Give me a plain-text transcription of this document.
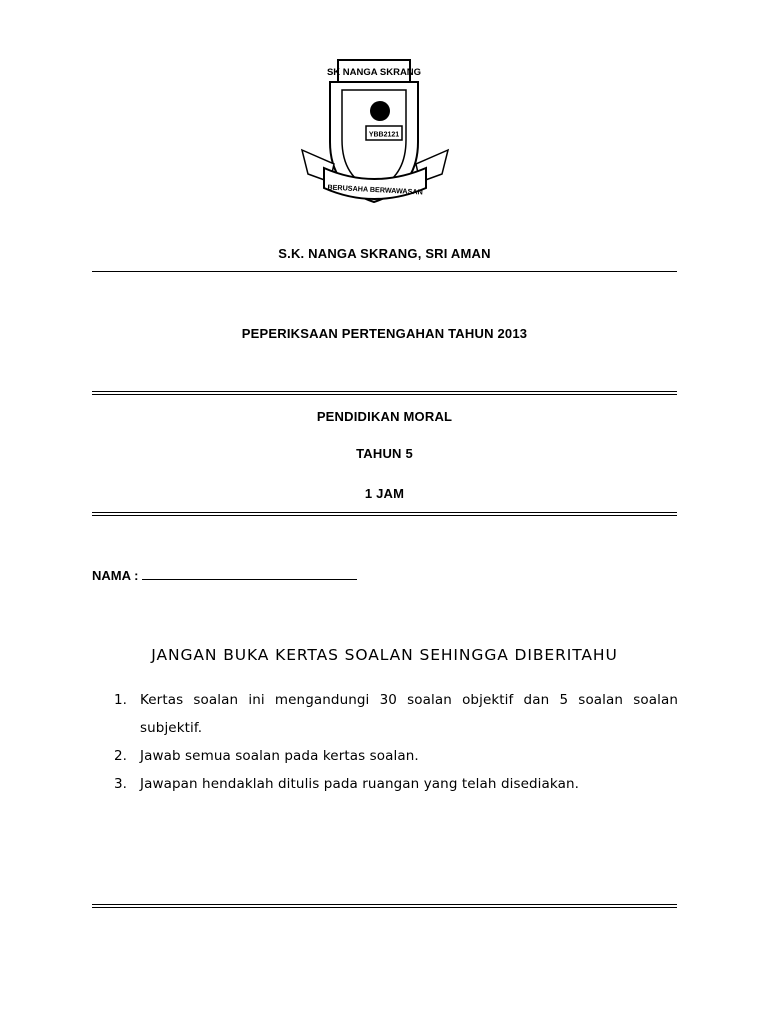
SK NANGA SKRANG
YBB2121
BERUSAHA BERWAWASAN
S.K. NANGA SKRANG, SRI AMAN
PEPERIKSAAN PERTENGAHAN TAHUN 2013
PENDIDIKAN MORAL
TAHUN 5
1 JAM
NAMA :
JANGAN BUKA KERTAS SOALAN SEHINGGA DIBERITAHU
1. Kertas soalan ini mengandungi 30 soalan objektif dan 5 soalan soalan subjektif.
2. Jawab semua soalan pada kertas soalan.
3. Jawapan hendaklah ditulis pada ruangan yang telah disediakan.
